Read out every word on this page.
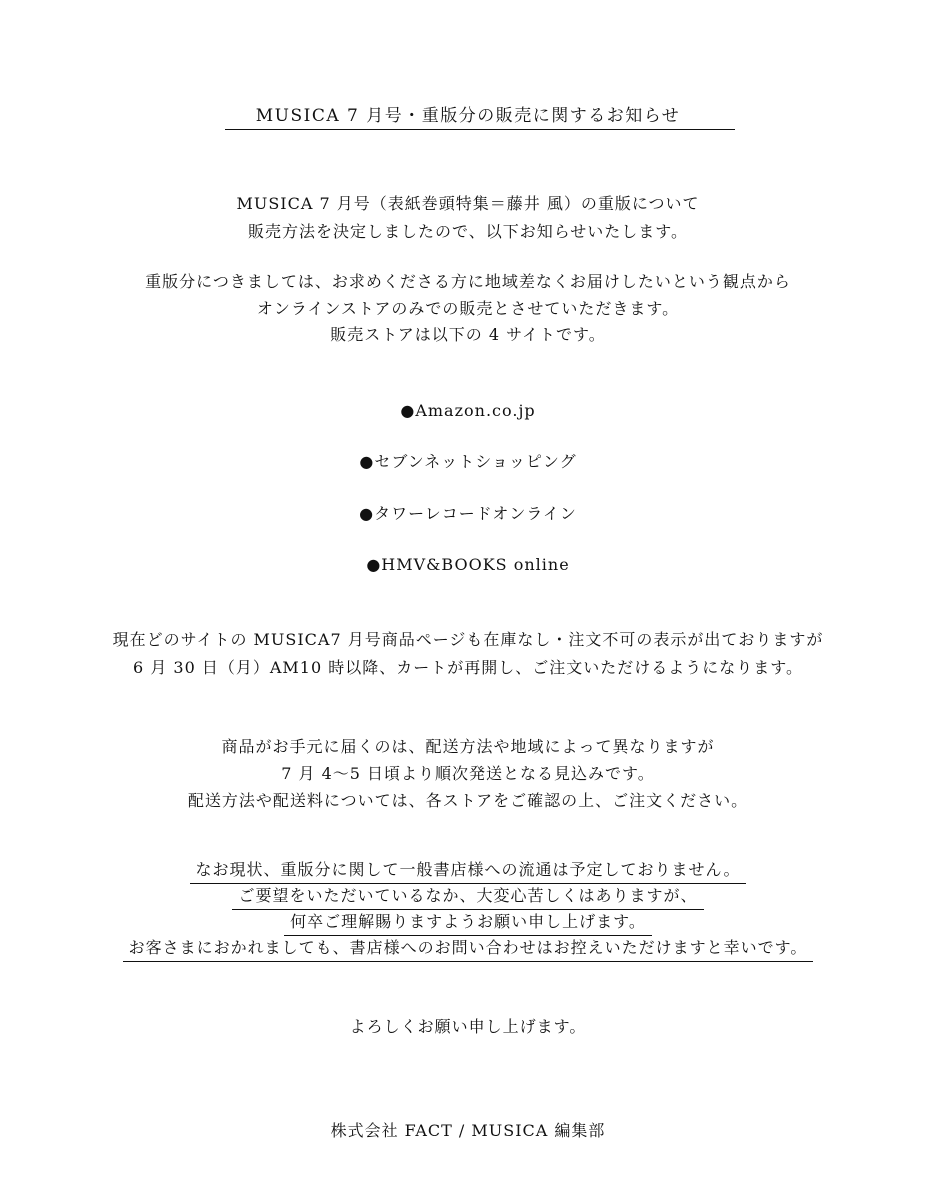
MUSICA 7 月号・重版分の販売に関するお知らせ
MUSICA 7 月号（表紙巻頭特集＝藤井 風）の重版について
販売方法を決定しましたので、以下お知らせいたします。
重版分につきましては、お求めくださる方に地域差なくお届けしたいという観点から
オンラインストアのみでの販売とさせていただきます。
販売ストアは以下の 4 サイトです。
●Amazon.co.jp
●セブンネットショッピング
●タワーレコードオンライン
●HMV&BOOKS online
現在どのサイトの MUSICA7 月号商品ページも在庫なし・注文不可の表示が出ておりますが
6 月 30 日（月）AM10 時以降、カートが再開し、ご注文いただけるようになります。
商品がお手元に届くのは、配送方法や地域によって異なりますが
7 月 4〜5 日頃より順次発送となる見込みです。
配送方法や配送料については、各ストアをご確認の上、ご注文ください。
なお現状、重版分に関して一般書店様への流通は予定しておりません。
ご要望をいただいているなか、大変心苦しくはありますが、
何卒ご理解賜りますようお願い申し上げます。
お客さまにおかれましても、書店様へのお問い合わせはお控えいただけますと幸いです。
よろしくお願い申し上げます。
株式会社 FACT / MUSICA 編集部
